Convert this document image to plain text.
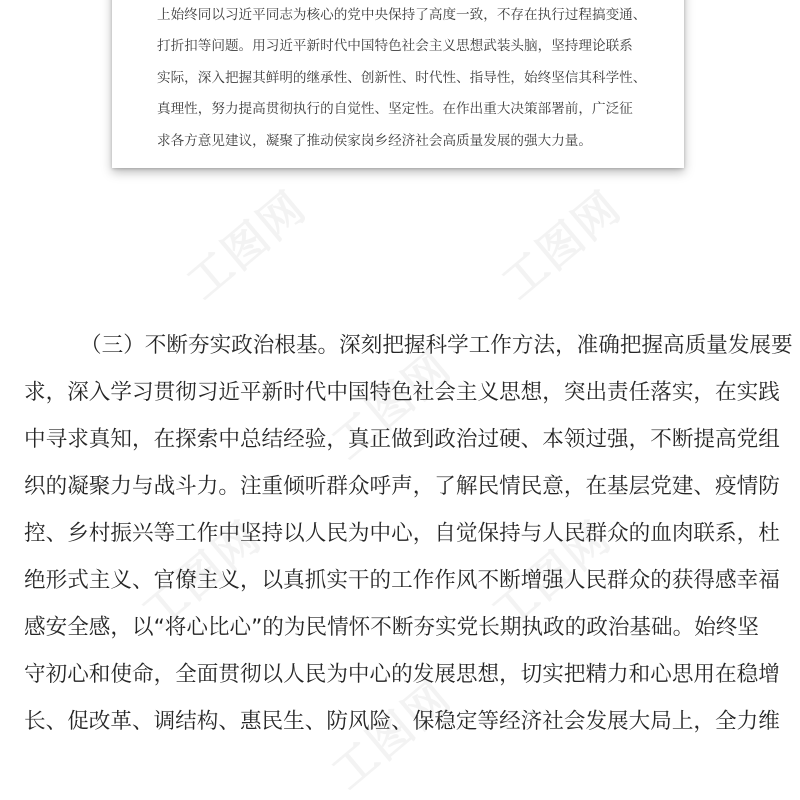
上始终同以习近平同志为核心的党中央保持了高度一致，不存在执行过程搞变通、
打折扣等问题。用习近平新时代中国特色社会主义思想武装头脑，坚持理论联系
实际，深入把握其鲜明的继承性、创新性、时代性、指导性，始终坚信其科学性、
真理性，努力提高贯彻执行的自觉性、坚定性。在作出重大决策部署前，广泛征
求各方意见建议，凝聚了推动侯家岗乡经济社会高质量发展的强大力量。

工图网	工图网
工图网
工图网	工图网
工图网

（三）不断夯实政治根基。深刻把握科学工作方法，准确把握高质量发展要
求，深入学习贯彻习近平新时代中国特色社会主义思想，突出责任落实，在实践
中寻求真知，在探索中总结经验，真正做到政治过硬、本领过强，不断提高党组
织的凝聚力与战斗力。注重倾听群众呼声，了解民情民意，在基层党建、疫情防
控、乡村振兴等工作中坚持以人民为中心，自觉保持与人民群众的血肉联系，杜
绝形式主义、官僚主义，以真抓实干的工作作风不断增强人民群众的获得感幸福
感安全感，以“将心比心”的为民情怀不断夯实党长期执政的政治基础。始终坚
守初心和使命，全面贯彻以人民为中心的发展思想，切实把精力和心思用在稳增
长、促改革、调结构、惠民生、防风险、保稳定等经济社会发展大局上，全力维
